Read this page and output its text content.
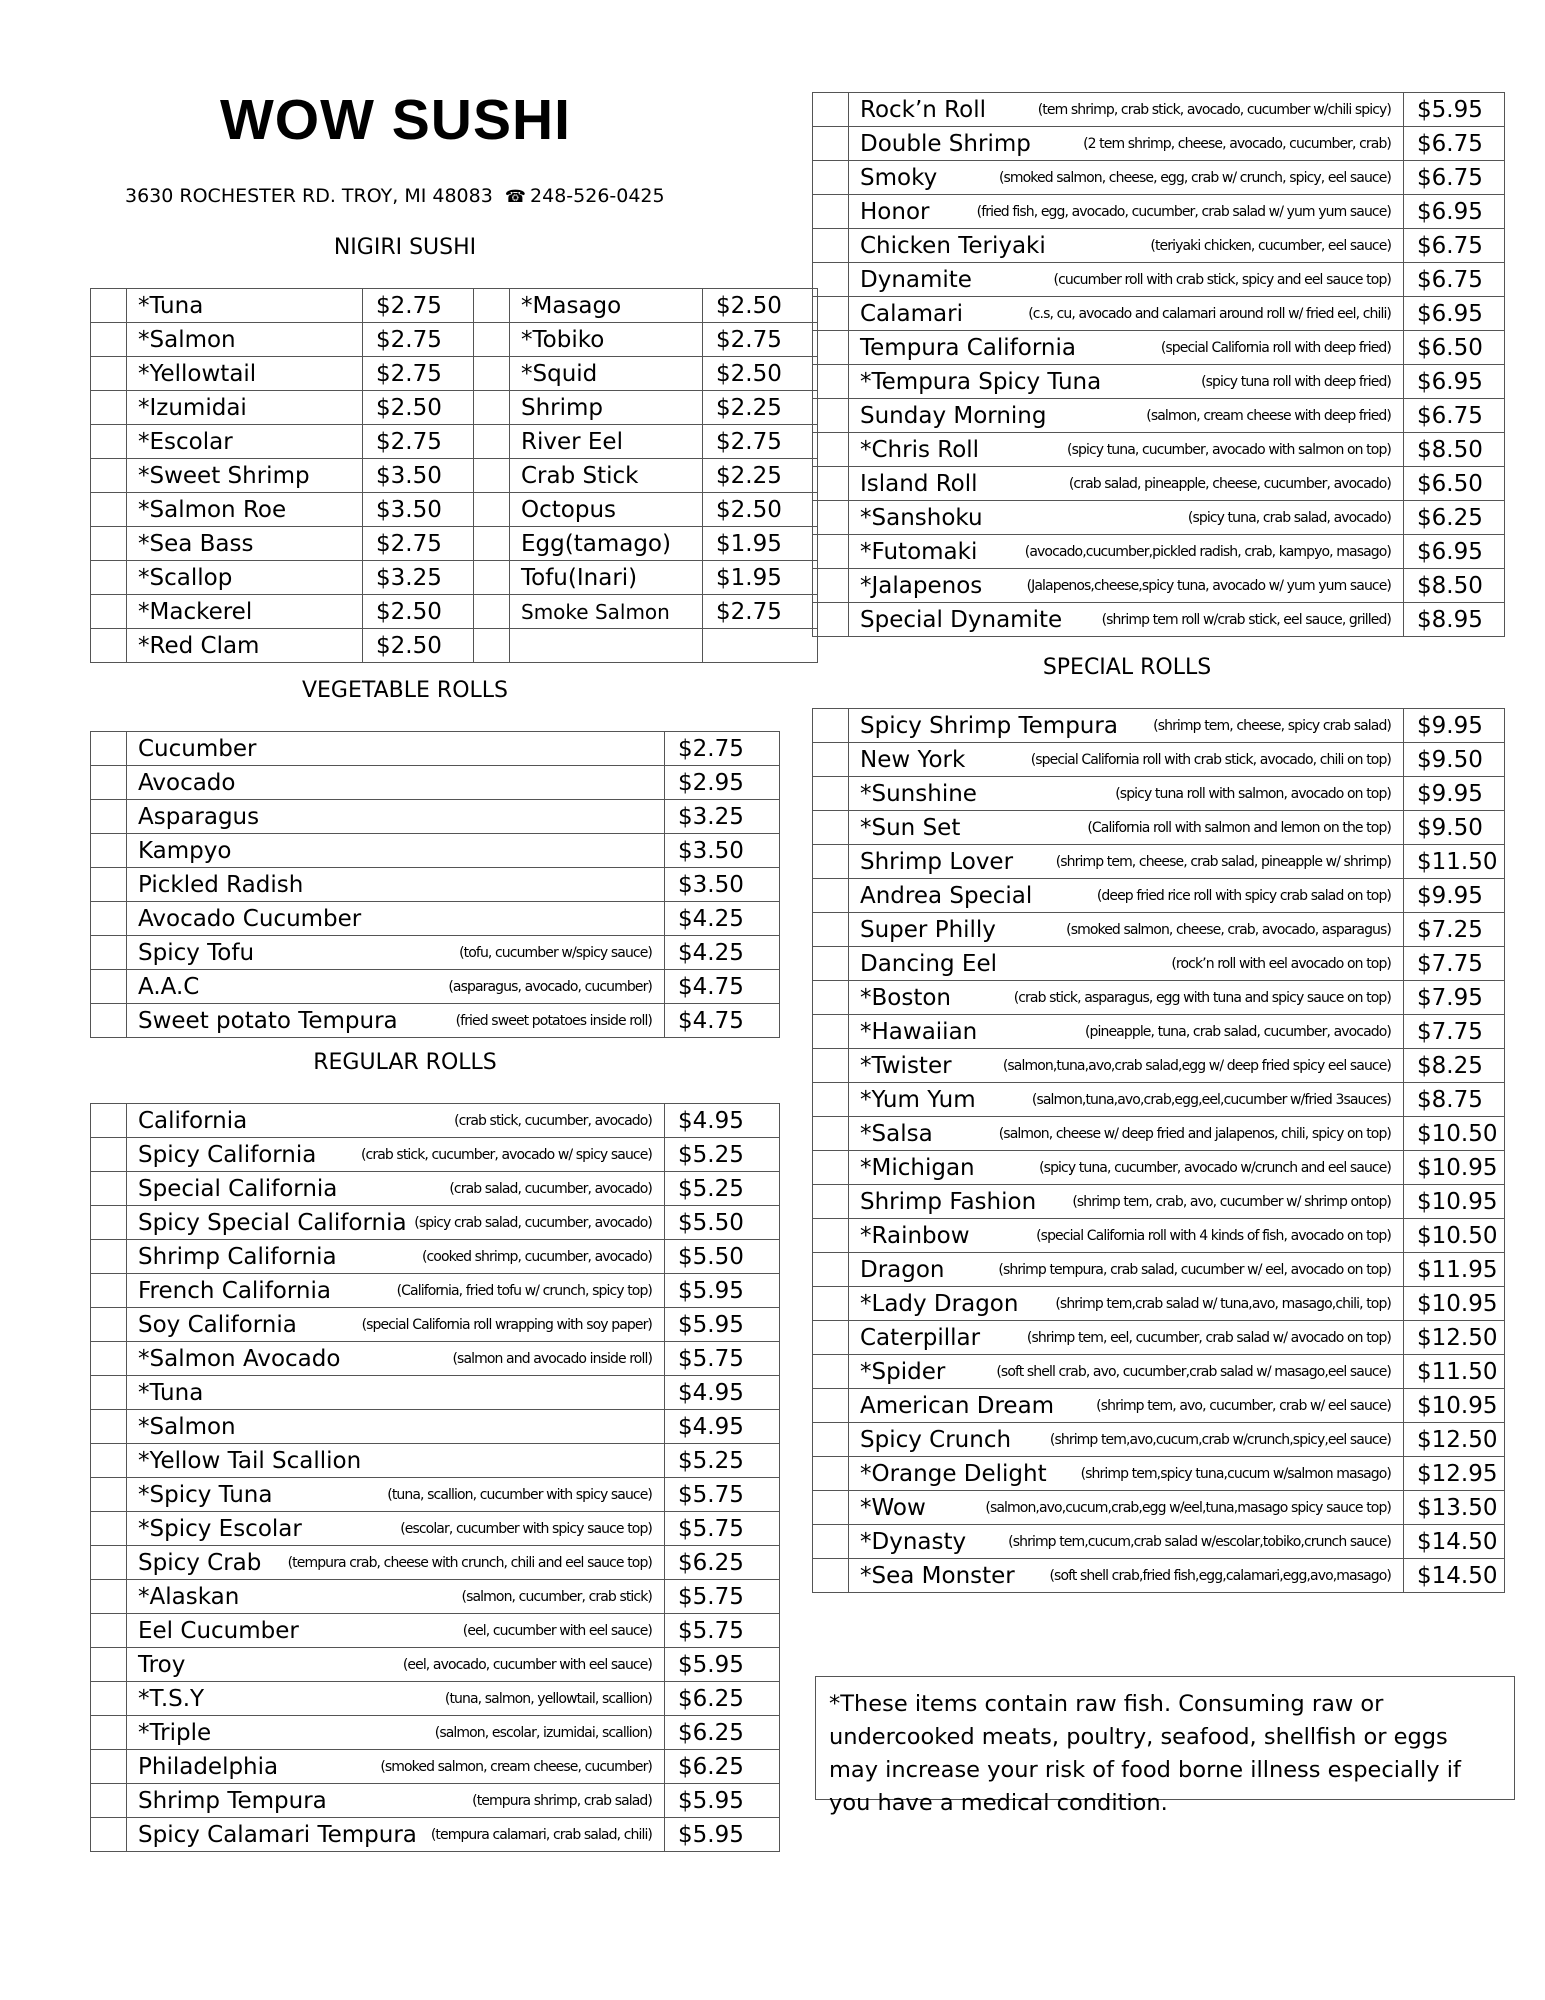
WOW SUSHI
3630 ROCHESTER RD. TROY, MI 48083 ☎ 248-526-0425
NIGIRI SUSHI
	*Tuna	$2.75		*Masago	$2.50
	*Salmon	$2.75		*Tobiko	$2.75
	*Yellowtail	$2.75		*Squid	$2.50
	*Izumidai	$2.50		Shrimp	$2.25
	*Escolar	$2.75		River Eel	$2.75
	*Sweet Shrimp	$3.50		Crab Stick	$2.25
	*Salmon Roe	$3.50		Octopus	$2.50
	*Sea Bass	$2.75		Egg(tamago)	$1.95
	*Scallop	$3.25		Tofu(Inari)	$1.95
	*Mackerel	$2.50		Smoke Salmon	$2.75
	*Red Clam	$2.50			
VEGETABLE ROLLS

	Cucumber	$2.75

	Avocado	$2.95

	Asparagus	$3.25

	Kampyo	$3.50

	Pickled Radish	$3.50

	Avocado Cucumber	$4.25

	Spicy Tofu (tofu, cucumber w/spicy sauce)	$4.25

	A.A.C (asparagus, avocado, cucumber)	$4.75

	Sweet potato Tempura (fried sweet potatoes inside roll)	$4.75
REGULAR ROLLS

	California (crab stick, cucumber, avocado)	$4.95

	Spicy California (crab stick, cucumber, avocado w/ spicy sauce)	$5.25

	Special California (crab salad, cucumber, avocado)	$5.25

	Spicy Special California (spicy crab salad, cucumber, avocado)	$5.50

	Shrimp California (cooked shrimp, cucumber, avocado)	$5.50

	French California (California, fried tofu w/ crunch, spicy top)	$5.95

	Soy California (special California roll wrapping with soy paper)	$5.95

	*Salmon Avocado (salmon and avocado inside roll)	$5.75

	*Tuna	$4.95

	*Salmon	$4.95

	*Yellow Tail Scallion	$5.25

	*Spicy Tuna (tuna, scallion, cucumber with spicy sauce)	$5.75

	*Spicy Escolar (escolar, cucumber with spicy sauce top)	$5.75

	Spicy Crab (tempura crab, cheese with crunch, chili and eel sauce top)	$6.25

	*Alaskan (salmon, cucumber, crab stick)	$5.75

	Eel Cucumber (eel, cucumber with eel sauce)	$5.75

	Troy (eel, avocado, cucumber with eel sauce)	$5.95

	*T.S.Y (tuna, salmon, yellowtail, scallion)	$6.25

	*Triple (salmon, escolar, izumidai, scallion)	$6.25

	Philadelphia (smoked salmon, cream cheese, cucumber)	$6.25

	Shrimp Tempura (tempura shrimp, crab salad)	$5.95

	Spicy Calamari Tempura (tempura calamari, crab salad, chili)	$5.95

	Rock’n Roll (tem shrimp, crab stick, avocado, cucumber w/chili spicy)	$5.95

	Double Shrimp (2 tem shrimp, cheese, avocado, cucumber, crab)	$6.75

	Smoky (smoked salmon, cheese, egg, crab w/ crunch, spicy, eel sauce)	$6.75

	Honor (fried fish, egg, avocado, cucumber, crab salad w/ yum yum sauce)	$6.95

	Chicken Teriyaki (teriyaki chicken, cucumber, eel sauce)	$6.75

	Dynamite (cucumber roll with crab stick, spicy and eel sauce top)	$6.75

	Calamari (c.s, cu, avocado and calamari around roll w/ fried eel, chili)	$6.95

	Tempura California (special California roll with deep fried)	$6.50

	*Tempura Spicy Tuna (spicy tuna roll with deep fried)	$6.95

	Sunday Morning (salmon, cream cheese with deep fried)	$6.75

	*Chris Roll (spicy tuna, cucumber, avocado with salmon on top)	$8.50

	Island Roll (crab salad, pineapple, cheese, cucumber, avocado)	$6.50

	*Sanshoku (spicy tuna, crab salad, avocado)	$6.25

	*Futomaki (avocado,cucumber,pickled radish, crab, kampyo, masago)	$6.95

	*Jalapenos (Jalapenos,cheese,spicy tuna, avocado w/ yum yum sauce)	$8.50

	Special Dynamite (shrimp tem roll w/crab stick, eel sauce, grilled)	$8.95
SPECIAL ROLLS

	Spicy Shrimp Tempura (shrimp tem, cheese, spicy crab salad)	$9.95

	New York (special California roll with crab stick, avocado, chili on top)	$9.50

	*Sunshine (spicy tuna roll with salmon, avocado on top)	$9.95

	*Sun Set (California roll with salmon and lemon on the top)	$9.50

	Shrimp Lover (shrimp tem, cheese, crab salad, pineapple w/ shrimp)	$11.50

	Andrea Special (deep fried rice roll with spicy crab salad on top)	$9.95

	Super Philly (smoked salmon, cheese, crab, avocado, asparagus)	$7.25

	Dancing Eel (rock’n roll with eel avocado on top)	$7.75

	*Boston (crab stick, asparagus, egg with tuna and spicy sauce on top)	$7.95

	*Hawaiian (pineapple, tuna, crab salad, cucumber, avocado)	$7.75

	*Twister (salmon,tuna,avo,crab salad,egg w/ deep fried spicy eel sauce)	$8.25

	*Yum Yum (salmon,tuna,avo,crab,egg,eel,cucumber w/fried 3sauces)	$8.75

	*Salsa (salmon, cheese w/ deep fried and jalapenos, chili, spicy on top)	$10.50

	*Michigan (spicy tuna, cucumber, avocado w/crunch and eel sauce)	$10.95

	Shrimp Fashion (shrimp tem, crab, avo, cucumber w/ shrimp ontop)	$10.95

	*Rainbow (special California roll with 4 kinds of fish, avocado on top)	$10.50

	Dragon (shrimp tempura, crab salad, cucumber w/ eel, avocado on top)	$11.95

	*Lady Dragon (shrimp tem,crab salad w/ tuna,avo, masago,chili, top)	$10.95

	Caterpillar (shrimp tem, eel, cucumber, crab salad w/ avocado on top)	$12.50

	*Spider (soft shell crab, avo, cucumber,crab salad w/ masago,eel sauce)	$11.50

	American Dream (shrimp tem, avo, cucumber, crab w/ eel sauce)	$10.95

	Spicy Crunch (shrimp tem,avo,cucum,crab w/crunch,spicy,eel sauce)	$12.50

	*Orange Delight (shrimp tem,spicy tuna,cucum w/salmon masago)	$12.95

	*Wow (salmon,avo,cucum,crab,egg w/eel,tuna,masago spicy sauce top)	$13.50

	*Dynasty (shrimp tem,cucum,crab salad w/escolar,tobiko,crunch sauce)	$14.50

	*Sea Monster (soft shell crab,fried fish,egg,calamari,egg,avo,masago)	$14.50
*These items contain raw fish. Consuming raw or undercooked meats, poultry, seafood, shellfish or eggs may increase your risk of food borne illness especially if you have a medical condition.
